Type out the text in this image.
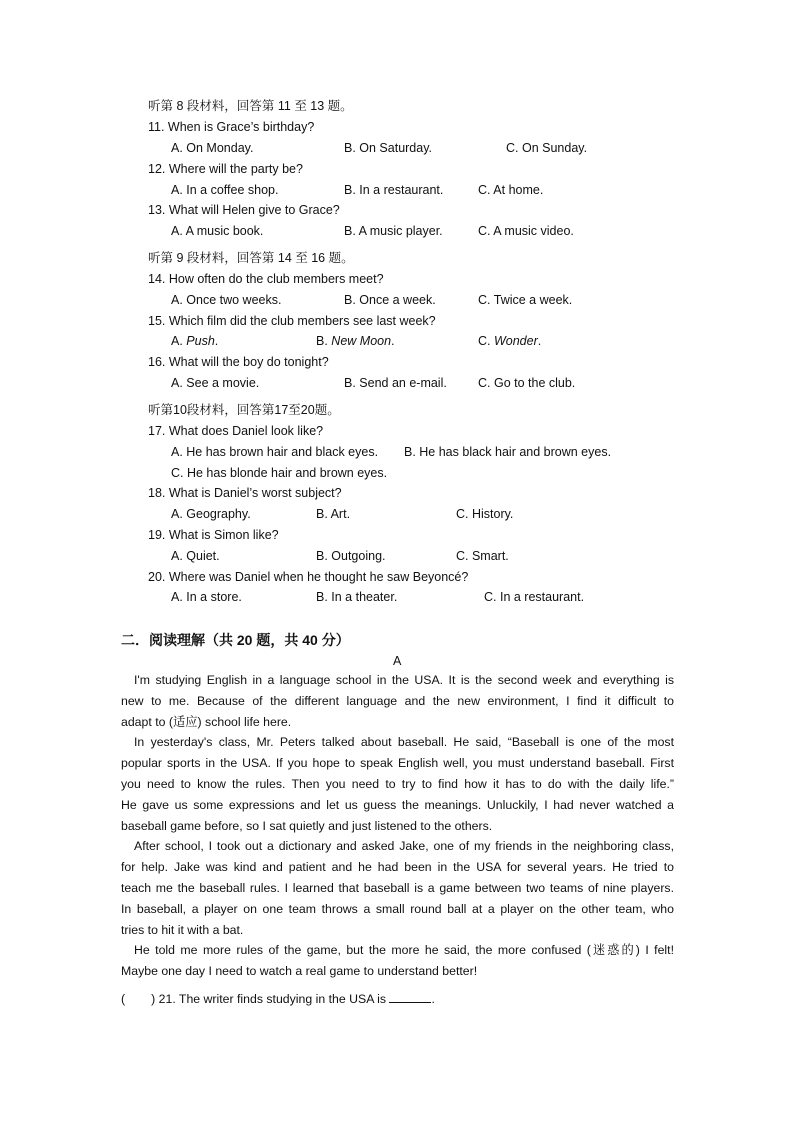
听第 8 段材料，回答第 11 至 13 题。
11. When is Grace’s birthday?
A. On Monday.	B. On Saturday.	C. On Sunday.
12. Where will the party be?
A. In a coffee shop.	B. In a restaurant.	C. At home.
13. What will Helen give to Grace?
A. A music book.	B. A music player.	C. A music video.
听第 9 段材料，回答第 14 至 16 题。
14. How often do the club members meet?
A. Once two weeks.	B. Once a week.	C. Twice a week.
15. Which film did the club members see last week?
A. Push.	B. New Moon.	C. Wonder.
16. What will the boy do tonight?
A. See a movie.	B. Send an e-mail. C. Go to the club.
听第10段材料，回答第17至20题。
17. What does Daniel look like?
A. He has brown hair and black eyes. B. He has black hair and brown eyes.
C. He has blonde hair and brown eyes.
18. What is Daniel’s worst subject?
A. Geography.	B. Art.	C. History.
19. What is Simon like?
A. Quiet.	B. Outgoing.	C. Smart.
20. Where was Daniel when he thought he saw Beyoncé?
A. In a store.	B. In a theater.	C. In a restaurant.
二．阅读理解（共 20 题，共 40 分）
A
I'm studying English in a language school in the USA. It is the second week and everything is
new to me. Because of the different language and the new environment, I find it difficult to
adapt to (适应) school life here.
In yesterday's class, Mr. Peters talked about baseball. He said, “Baseball is one of the most
popular sports in the USA. If you hope to speak English well, you must understand baseball. First
you need to know the rules. Then you need to try to find how it has to do with the daily life.”
He gave us some expressions and let us guess the meanings. Unluckily, I had never watched a
baseball game before, so I sat quietly and just listened to the others.
After school, I took out a dictionary and asked Jake, one of my friends in the neighboring class,
for help. Jake was kind and patient and he had been in the USA for several years. He tried to
teach me the baseball rules. I learned that baseball is a game between two teams of nine players.
In baseball, a player on one team throws a small round ball at a player on the other team, who
tries to hit it with a bat.
He told me more rules of the game, but the more he said, the more confused (迷惑的) I felt!
Maybe one day I need to watch a real game to understand better!
( ) 21. The writer finds studying in the USA is	.
